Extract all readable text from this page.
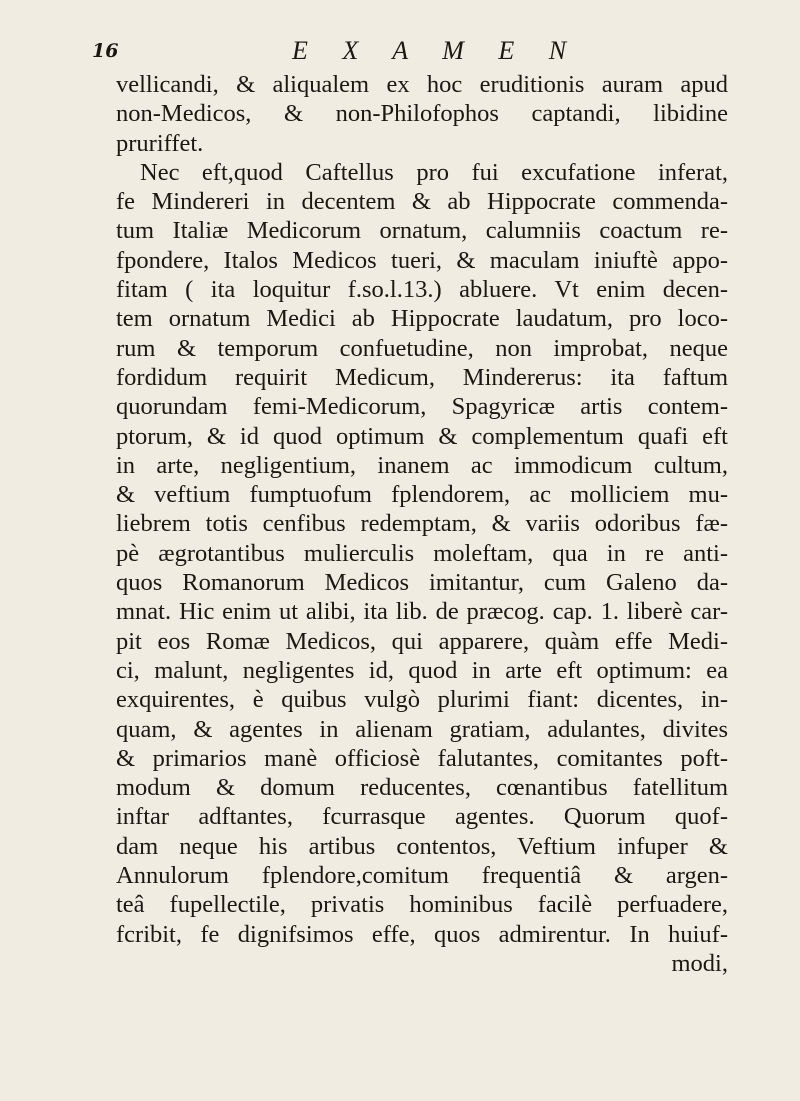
16	E X A M E N
vellicandi, & aliqualem ex hoc eruditionis auram apud
non-Medicos, & non-Philofophos captandi, libidine
pruriffet.
Nec eft,quod Caftellus pro fui excufatione inferat,
fe Mindereri in decentem & ab Hippocrate commenda-
tum Italiæ Medicorum ornatum, calumniis coactum re-
fpondere, Italos Medicos tueri, & maculam iniuftè appo-
fitam ( ita loquitur f.so.l.13.) abluere. Vt enim decen-
tem ornatum Medici ab Hippocrate laudatum, pro loco-
rum & temporum confuetudine, non improbat, neque
fordidum requirit Medicum, Mindererus: ita faftum
quorundam femi-Medicorum, Spagyricæ artis contem-
ptorum, & id quod optimum & complementum quafi eft
in arte, negligentium, inanem ac immodicum cultum,
& veftium fumptuofum fplendorem, ac molliciem mu-
liebrem totis cenfibus redemptam, & variis odoribus fæ-
pè ægrotantibus mulierculis moleftam, qua in re anti-
quos Romanorum Medicos imitantur, cum Galeno da-
mnat. Hic enim ut alibi, ita lib. de præcog. cap. 1. liberè car-
pit eos Romæ Medicos, qui apparere, quàm effe Medi-
ci, malunt, negligentes id, quod in arte eft optimum: ea
exquirentes, è quibus vulgò plurimi fiant: dicentes, in-
quam, & agentes in alienam gratiam, adulantes, divites
& primarios manè officiosè falutantes, comitantes poft-
modum & domum reducentes, cœnantibus fatellitum
inftar adftantes, fcurrasque agentes. Quorum quof-
dam neque his artibus contentos, Veftium infuper &
Annulorum fplendore,comitum frequentiâ & argen-
teâ fupellectile, privatis hominibus facilè perfuadere,
fcribit, fe dignifsimos effe, quos admirentur. In huiuf-
modi,
